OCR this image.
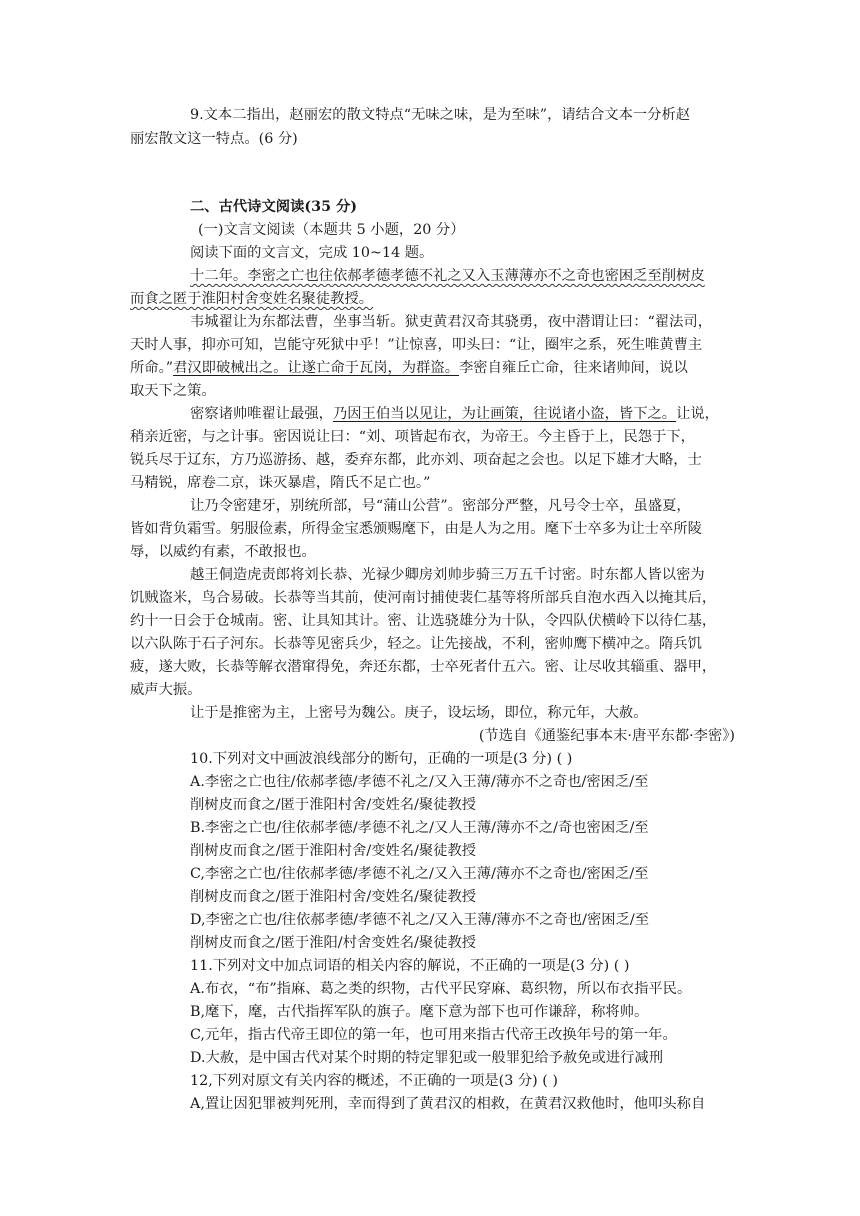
9.文本二指出，赵丽宏的散文特点“无味之味，是为至味”，请结合文本一分析赵
丽宏散文这一特点。(6 分)
二、古代诗文阅读(35 分)
(一)文言文阅读（本题共 5 小题，20 分）
阅读下面的文言文，完成 10~14 题。
十二年。李密之亡也往依郝孝德孝德不礼之又入玉薄薄亦不之奇也密困乏至削树皮
而食之匿于淮阳村舍变姓名聚徒教授。
韦城翟让为东都法曹，坐事当斩。狱吏黄君汉奇其骁勇，夜中潜谓让曰：“翟法司，
天时人事，抑亦可知，岂能守死狱中乎！”让惊喜，叩头曰：“让，圈牢之系，死生唯黄曹主
所命。”君汉即破械出之。让遂亡命于瓦岗，为群盗。李密自雍丘亡命，往来诸帅间，说以
取天下之策。
密察诸帅唯翟让最强，乃因王伯当以见让，为让画策，往说诸小盗，皆下之。让说，
稍亲近密，与之计事。密因说让曰：“刘、项皆起布衣，为帝王。今主昏于上，民怨于下，
锐兵尽于辽东，方乃巡游扬、越，委弃东都，此亦刘、项奋起之会也。以足下雄才大略，士
马精锐，席卷二京，诛灭暴虐，隋氏不足亡也。”
让乃令密建牙，别统所部，号“蒲山公营”。密部分严整，凡号令士卒，虽盛夏，
皆如背负霜雪。躬服俭素，所得金宝悉颁赐麾下，由是人为之用。麾下士卒多为让士卒所陵
辱，以威约有素，不敢报也。
越王侗造虎责郎将刘长恭、光禄少卿房刘帅步骑三万五千讨密。时东都人皆以密为
饥贼盗米，鸟合易破。长恭等当其前，使河南讨捕使裴仁基等将所部兵自泡水西入以掩其后，
约十一日会于仓城南。密、让具知其计。密、让选骁雄分为十队，令四队伏横岭下以待仁基，
以六队陈于石子河东。长恭等见密兵少，轻之。让先接战，不利，密帅鹰下横冲之。隋兵饥
疲，遂大败，长恭等解衣潜窜得免，奔还东都，士卒死者什五六。密、让尽收其辎重、器甲，
威声大振。
让于是推密为主，上密号为魏公。庚子，设坛场，即位，称元年，大赦。
(节选自《通鉴纪事本末·唐平东都·李密》)
10.下列对文中画波浪线部分的断句，正确的一项是(3 分) ( )
A.李密之亡也往/依郝孝德/孝德不礼之/又入王薄/薄亦不之奇也/密困乏/至
削树皮而食之/匿于淮阳村舍/变姓名/聚徒教授
B.李密之亡也/往依郝孝德/孝德不礼之/又人王薄/薄亦不之/奇也密困乏/至
削树皮而食之/匿于淮阳村舍/变姓名/聚徒教授
C,李密之亡也/往依郝孝德/孝德不礼之/又入王薄/薄亦不之奇也/密困乏/至
削树皮而食之/匿于淮阳村舍/变姓名/聚徒教授
D,李密之亡也/往依郝孝德/孝德不礼之/又入王薄/薄亦不之奇也/密困乏/至
削树皮而食之/匿于淮阳/村舍变姓名/聚徒教授
11.下列对文中加点词语的相关内容的解说，不正确的一项是(3 分) ( )
A.布衣，“布”指麻、葛之类的织物，古代平民穿麻、葛织物，所以布衣指平民。
B,麾下，麾，古代指挥军队的旗子。麾下意为部下也可作谦辞，称将帅。
C,元年，指古代帝王即位的第一年，也可用来指古代帝王改换年号的第一年。
D.大赦，是中国古代对某个时期的特定罪犯或一般罪犯给予赦免或进行减刑
12,下列对原文有关内容的概述，不正确的一项是(3 分) ( )
A,置让因犯罪被判死刑，幸而得到了黄君汉的相救，在黄君汉救他时，他叩头称自
